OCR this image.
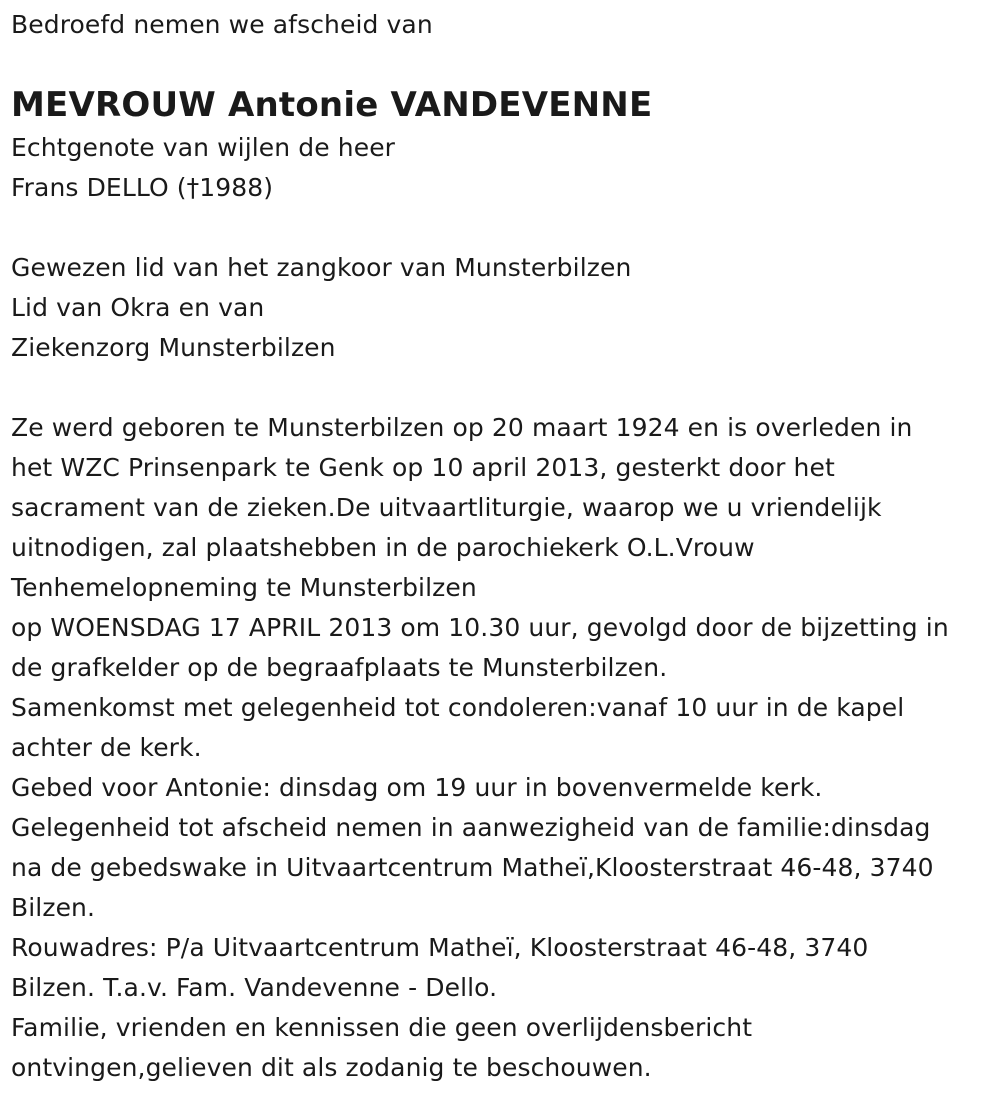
Bedroefd nemen we afscheid van
MEVROUW Antonie VANDEVENNE
Echtgenote van wijlen de heer
Frans DELLO (†1988)
Gewezen lid van het zangkoor van Munsterbilzen
Lid van Okra en van
Ziekenzorg Munsterbilzen
Ze werd geboren te Munsterbilzen op 20 maart 1924 en is overleden in
het WZC Prinsenpark te Genk op 10 april 2013, gesterkt door het
sacrament van de zieken.De uitvaartliturgie, waarop we u vriendelijk
uitnodigen, zal plaatshebben in de parochiekerk O.L.Vrouw
Tenhemelopneming te Munsterbilzen
op WOENSDAG 17 APRIL 2013 om 10.30 uur, gevolgd door de bijzetting in
de grafkelder op de begraafplaats te Munsterbilzen.
Samenkomst met gelegenheid tot condoleren:vanaf 10 uur in de kapel
achter de kerk.
Gebed voor Antonie: dinsdag om 19 uur in bovenvermelde kerk.
Gelegenheid tot afscheid nemen in aanwezigheid van de familie:dinsdag
na de gebedswake in Uitvaartcentrum Matheï,Kloosterstraat 46-48, 3740
Bilzen.
Rouwadres: P/a Uitvaartcentrum Matheï, Kloosterstraat 46-48, 3740
Bilzen. T.a.v. Fam. Vandevenne - Dello.
Familie, vrienden en kennissen die geen overlijdensbericht
ontvingen,gelieven dit als zodanig te beschouwen.
